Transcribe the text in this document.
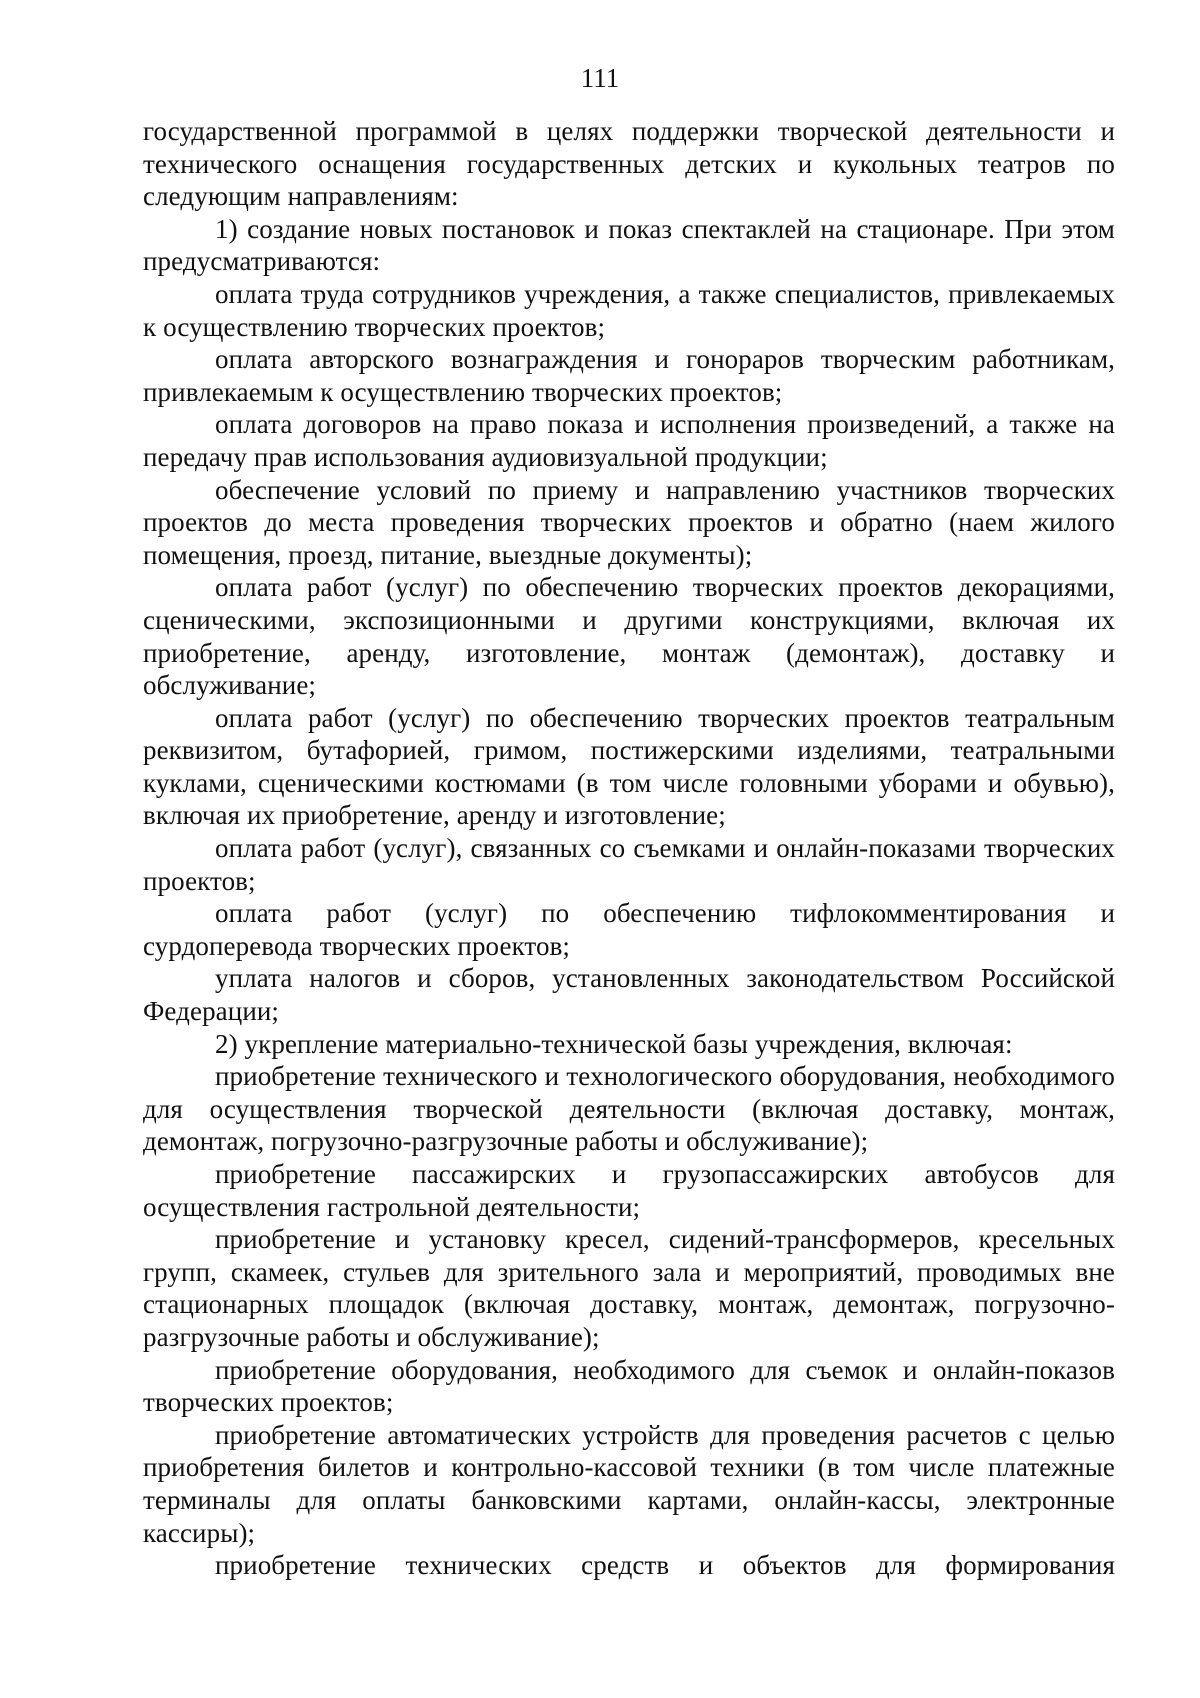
111

государственной программой в целях поддержки творческой деятельности и технического оснащения государственных детских и кукольных театров по следующим направлениям:

1) создание новых постановок и показ спектаклей на стационаре. При этом предусматриваются:

оплата труда сотрудников учреждения, а также специалистов, привлекаемых к осуществлению творческих проектов;

оплата авторского вознаграждения и гонораров творческим работникам, привлекаемым к осуществлению творческих проектов;

оплата договоров на право показа и исполнения произведений, а также на передачу прав использования аудиовизуальной продукции;

обеспечение условий по приему и направлению участников творческих проектов до места проведения творческих проектов и обратно (наем жилого помещения, проезд, питание, выездные документы);

оплата работ (услуг) по обеспечению творческих проектов декорациями, сценическими, экспозиционными и другими конструкциями, включая их приобретение, аренду, изготовление, монтаж (демонтаж), доставку и обслуживание;

оплата работ (услуг) по обеспечению творческих проектов театральным реквизитом, бутафорией, гримом, постижерскими изделиями, театральными куклами, сценическими костюмами (в том числе головными уборами и обувью), включая их приобретение, аренду и изготовление;

оплата работ (услуг), связанных со съемками и онлайн-показами творческих проектов;

оплата работ (услуг) по обеспечению тифлокомментирования и сурдоперевода творческих проектов;

уплата налогов и сборов, установленных законодательством Российской Федерации;

2) укрепление материально-технической базы учреждения, включая:

приобретение технического и технологического оборудования, необходимого для осуществления творческой деятельности (включая доставку, монтаж, демонтаж, погрузочно-разгрузочные работы и обслуживание);

приобретение пассажирских и грузопассажирских автобусов для осуществления гастрольной деятельности;

приобретение и установку кресел, сидений-трансформеров, кресельных групп, скамеек, стульев для зрительного зала и мероприятий, проводимых вне стационарных площадок (включая доставку, монтаж, демонтаж, погрузочно-разгрузочные работы и обслуживание);

приобретение оборудования, необходимого для съемок и онлайн-показов творческих проектов;

приобретение автоматических устройств для проведения расчетов с целью приобретения билетов и контрольно-кассовой техники (в том числе платежные терминалы для оплаты банковскими картами, онлайн-кассы, электронные кассиры);

приобретение технических средств и объектов для формирования
